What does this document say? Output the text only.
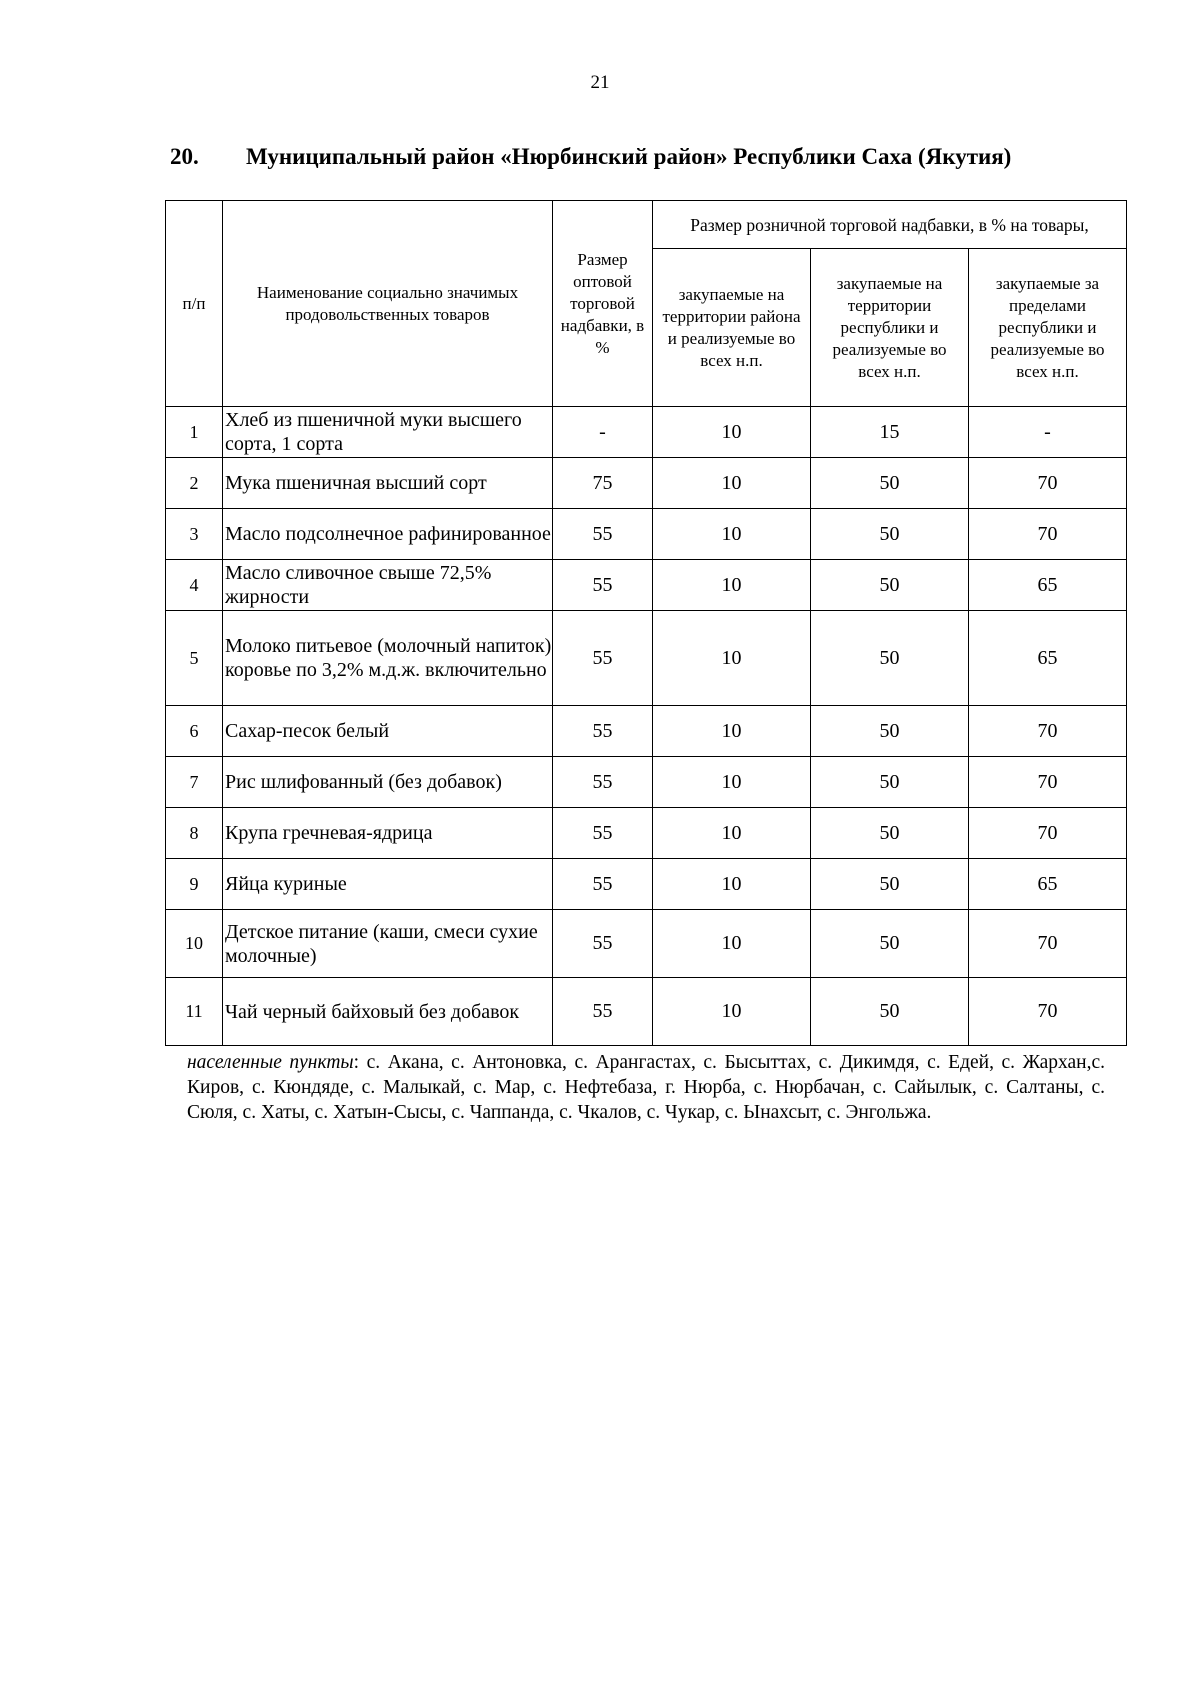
21
20. Муниципальный район «Нюрбинский район» Республики Саха (Якутия)
п/п	Наименование социально значимых продовольственных товаров	Размер оптовой торговой надбавки, в %	Размер розничной торговой надбавки, в % на товары,		
			закупаемые на территории района и реализуемые во всех н.п.	закупаемые на территории республики и реализуемые во всех н.п.	закупаемые за пределами республики и реализуемые во всех н.п.
1	Хлеб из пшеничной муки высшего сорта, 1 сорта	-	10	15	-
2	Мука пшеничная высший сорт	75	10	50	70
3	Масло подсолнечное рафинированное	55	10	50	70
4	Масло сливочное свыше 72,5% жирности	55	10	50	65
5	Молоко питьевое (молочный напиток) коровье по 3,2% м.д.ж. включительно	55	10	50	65
6	Сахар-песок белый	55	10	50	70
7	Рис шлифованный (без добавок)	55	10	50	70
8	Крупа гречневая-ядрица	55	10	50	70
9	Яйца куриные	55	10	50	65
10	Детское питание (каши, смеси сухие молочные)	55	10	50	70
11	Чай черный байховый без добавок	55	10	50	70
населенные пункты: с. Акана, с. Антоновка, с. Арангастах, с. Бысыттах, с. Дикимдя, с. Едей, с. Жархан,с. Киров, с. Кюндяде, с. Малыкай, с. Мар, с. Нефтебаза, г. Нюрба, с. Нюрбачан, с. Сайылык, с. Салтаны, с. Сюля, с. Хаты, с. Хатын-Сысы, с. Чаппанда, с. Чкалов, с. Чукар, с. Ынахсыт, с. Энгольжа.
